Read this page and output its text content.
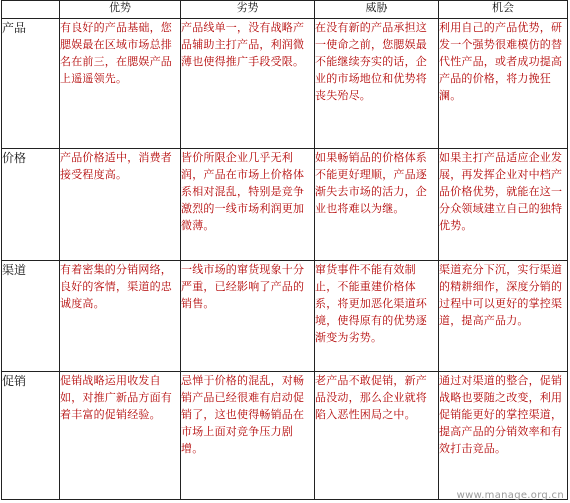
	优势	劣势	威胁	机会
产品	有良好的产品基础，您腮娱最在区域市场总排名在前三，在腮娱产品上遥遥领先。	产品线单一，没有战略产品辅助主打产品，利润微薄也使得推广手段受限。	在没有新的产品承担这一使命之前，您腮娱最不能继续夯实的话，企业的市场地位和优势将丧失殆尽。	利用自己的产品优势，研发一个强势很难模仿的替代性产品，或者成功提高产品的价格，将力挽狂澜。
价格	产品价格适中，消费者接受程度高。	皆价所限企业几乎无利润，产品在市场上价格体系相对混乱，特别是竞争激烈的一线市场利润更加微薄。	如果畅销品的价格体系不能更好理顺，产品逐渐失去市场的活力，企业也将难以为继。	如果主打产品适应企业发展，再发挥企业对中档产品价格优势，就能在这一分众领域建立自己的独特优势。
渠道	有着密集的分销网络，良好的客情，渠道的忠诚度高。	一线市场的窜货现象十分严重，已经影响了产品的销售。	窜货事件不能有效制止，不能重建价格体系，将更加恶化渠道环境，使得原有的优势逐渐变为劣势。	渠道充分下沉，实行渠道的精耕细作，深度分销的过程中可以更好的掌控渠道，提高产品力。
促销	促销战略运用收发自如，对推广新品方面有着丰富的促销经验。	忌惮于价格的混乱，对畅销产品已经很难有启动促销了，这也使得畅销品在市场上面对竞争压力剧增。	老产品不敢促销，新产品没动，那么企业就将陷入恶性困局之中。	通过对渠道的整合，促销战略也要随之改变，利用促销能更好的掌控渠道，提高产品的分销效率和有效打击竞品。
www.manage.org.cn
